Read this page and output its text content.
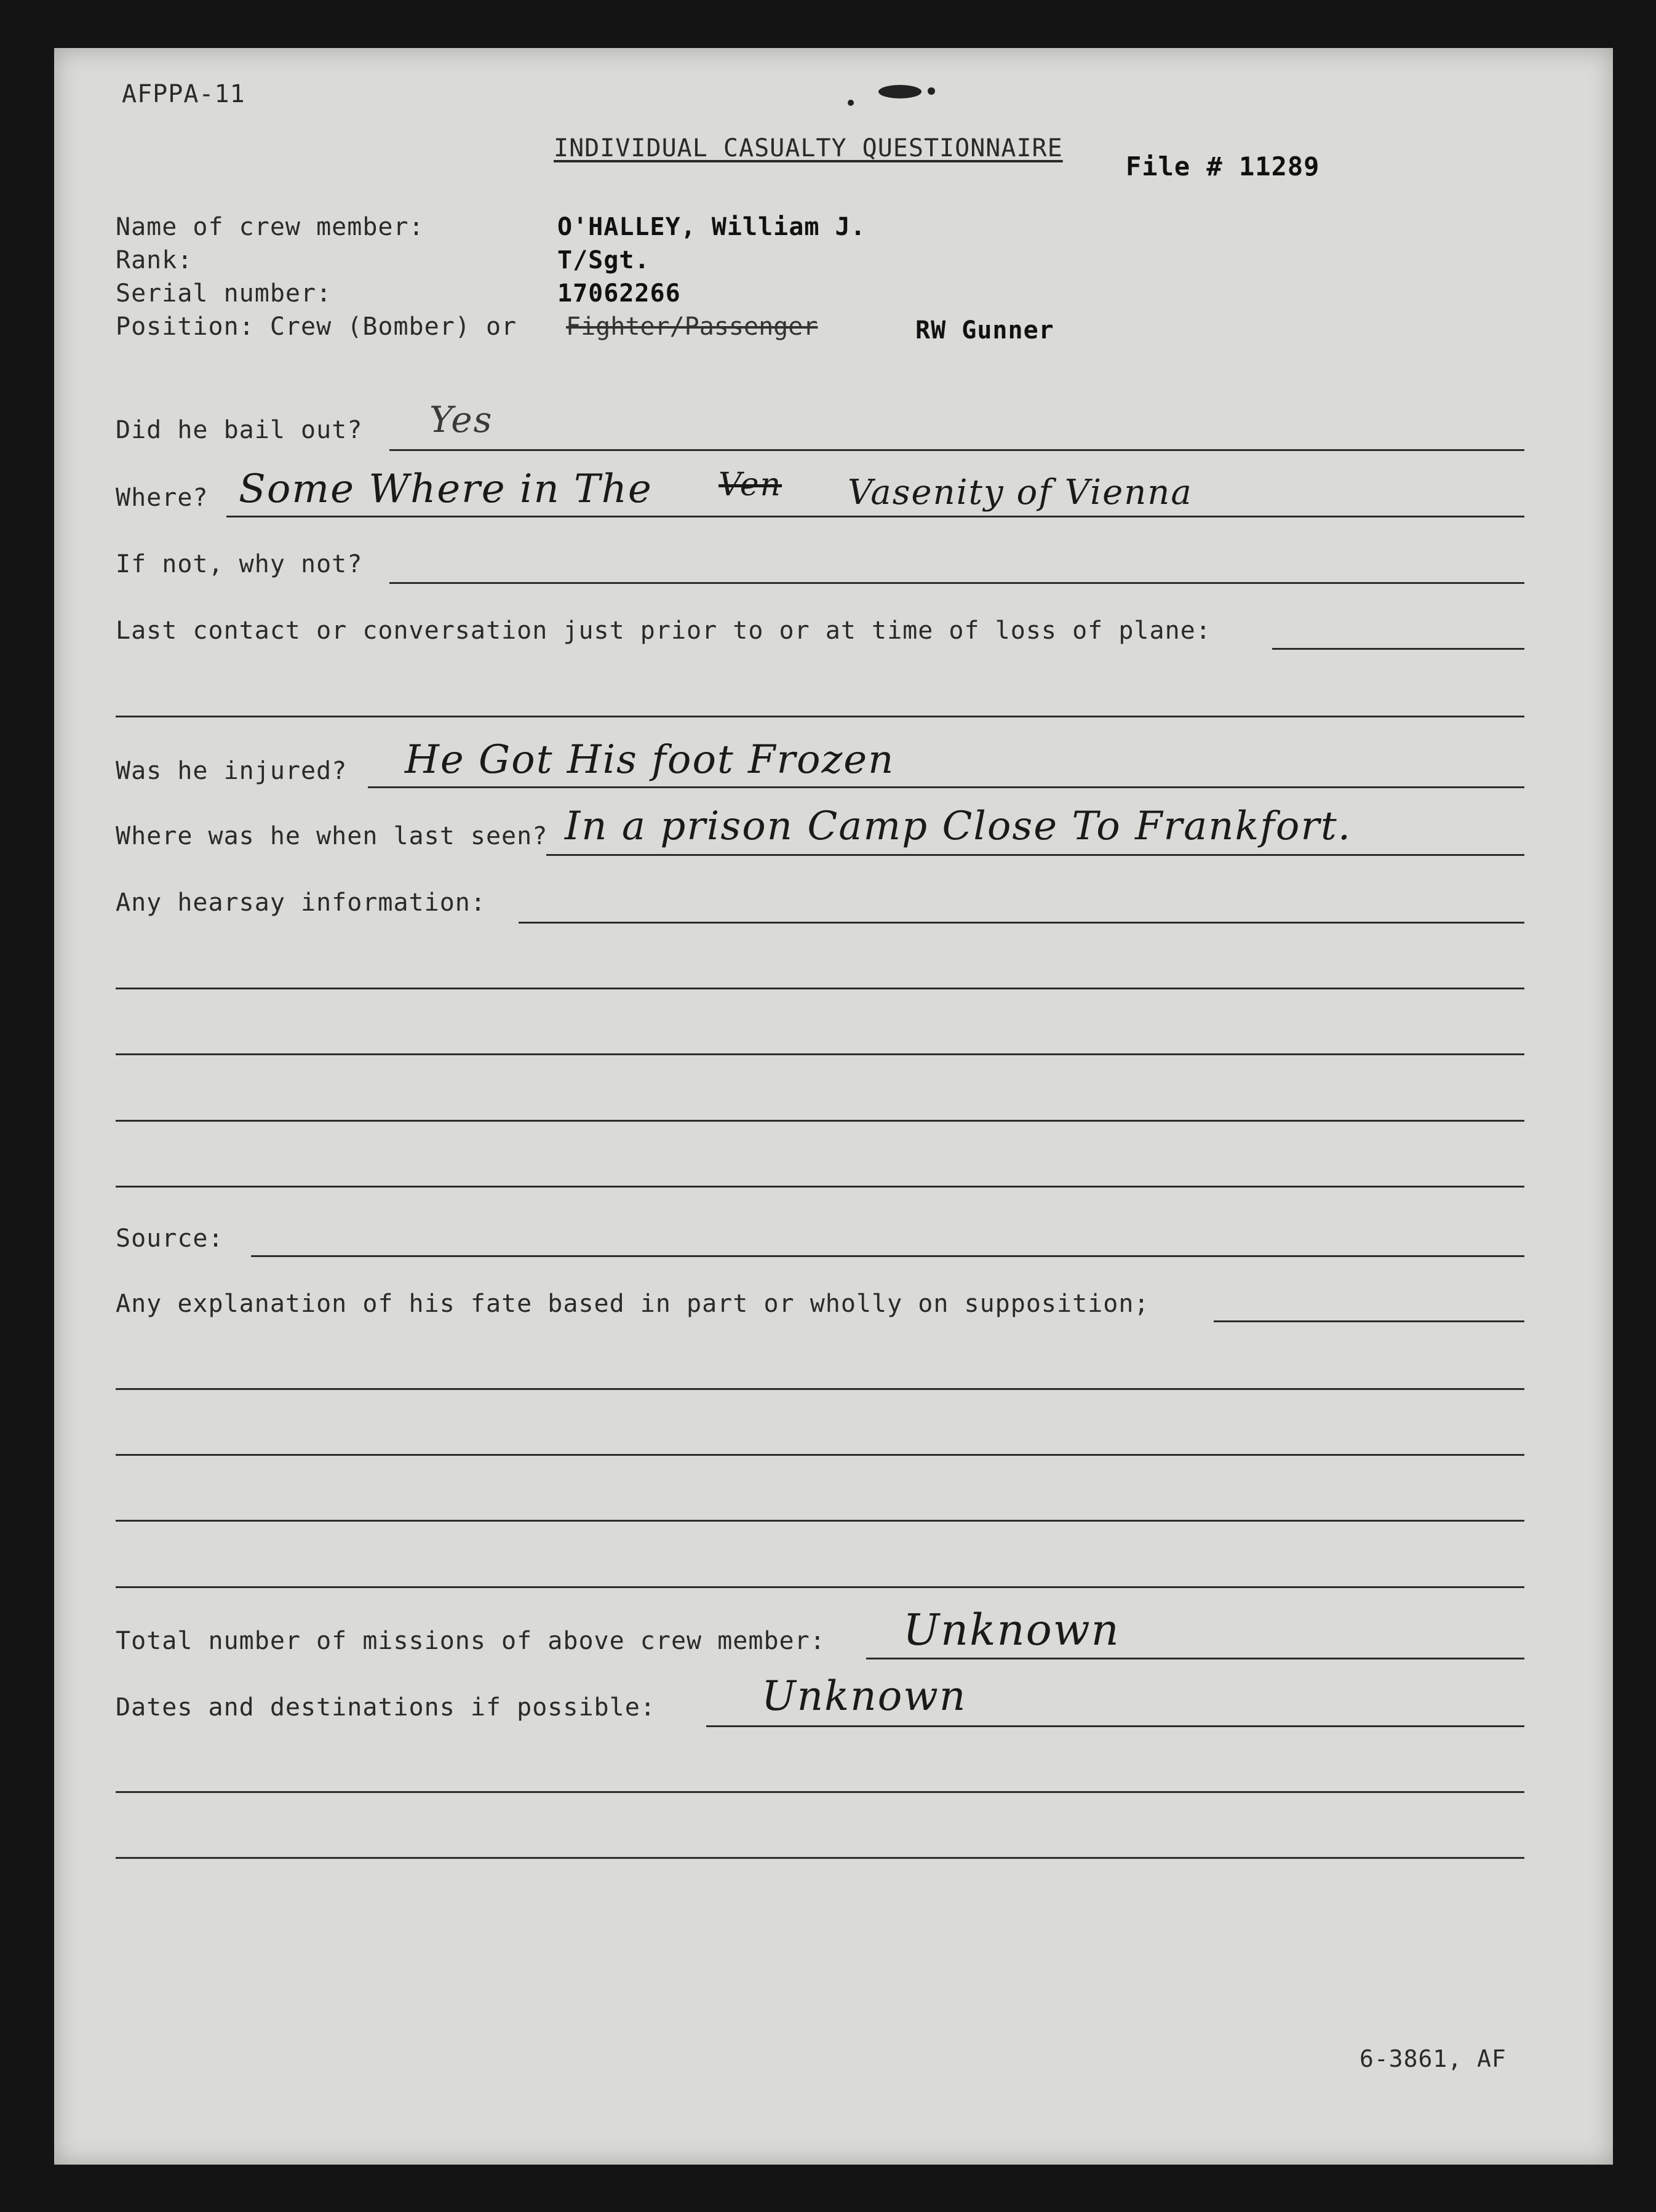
AFPPA-11
INDIVIDUAL CASUALTY QUESTIONNAIRE
File # 11289
Name of crew member:	O'HALLEY, William J.
Rank:	T/Sgt.
Serial number:	17062266
Position: Crew (Bomber) or Fighter/Passenger	RW Gunner
Did he bail out? Yes
Where? Some Where in The Ven Vasenity of Vienna
If not, why not?
Last contact or conversation just prior to or at time of loss of plane:
Was he injured? He Got His foot Frozen
Where was he when last seen? In a prison Camp Close To Frankfort.
Any hearsay information:
Source:
Any explanation of his fate based in part or wholly on supposition;
Total number of missions of above crew member: Unknown
Dates and destinations if possible:	Unknown
6-3861, AF
